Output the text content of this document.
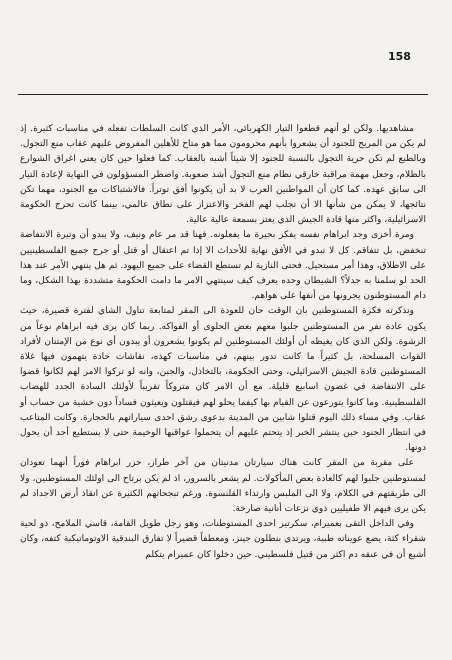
158

مشاهديها. ولكن لو أنهم قطعوا التيار الكهربائي، الأمر الذي كانت السلطات تفعله في مناسبات كثيرة. إذ لم يكن من المريح للجنود أن يشعروا بأنهم محرومون مما هو متاح للأهلين المفروض عليهم عقاب منع التجول. وبالطبع لم تكن حرية التجول بالنسبة للجنود إلا شيئاً أشبه بالعقاب. كما فعلوا حين كان يعني اغراق الشوارع بالظلام، وجعل مهمة مراقبة خارقي نظام منع التجول أشد صعوبة. واضطر المسؤولون في النهاية لإعادة التيار الى سابق عهده. كما كان أن المواطنين العرب لا بد أن يكونوا أفق توتراً. فالاشتباكات مع الجنود، مهما تكن نتائجها، لا يمكن من شأنها الا أن تجلب لهم الفخر والاعتزاز على نطاق عالمي، بينما كانت تحرج الحكومة الاسرائيلية، واكثر منها قادة الجيش الذي يعتز بسمعة عالية عالية.

ومرة أخرى وجد ابراهام نفسه يفكر بحيرة ما يفعلونه. فهنا قد مر عام ونيف، ولا يبدو أن وتيرة الانتفاضة تنخفض، بل تتفاقم. كل لا تبدو في الأفق نهاية للأحداث الا إذا تم اعتقال أو قتل أو جرح جميع الفلسطينيين على الاطلاق، وهذا أمر مستحيل. فحتى النازية لم تستطع القضاء على جميع اليهود. ثم هل ينتهي الأمر عند هذا الحد لو سلمنا به جدلاً؟ الشيطان وحده يعرف كيف سينتهي الامر ما دامت الحكومة متشددة بهذا الشكل، وما دام المستوطنون يجرونها من أنفها على هواهم.

وتذكرته فكرة المستوطنين بان الوقت حان للعودة الى المقر لمتابعة تناول الشاي لفترة قصيرة، حيث يكون عادة نفر من المستوطنين جلبوا معهم بعض الحلوى أو الفواكه. ربما كان يرى فيه ابراهام نوعاً من الرشوة. ولكن الذي كان يغيظه أن أولئك المستوطنين لم يكونوا يشعرون أو يبدون أي نوع من الإمتنان لأفراد القوات المسلحة، بل كثيراً ما كانت تدور بينهم، في مناسبات كهذه، نقاشات حادة يتهمون فيها غلاة المستوطنين قادة الجيش الاسرائيلي، وحتى الحكومة، بالتخاذل، والجبن، وانه لو تركوا الامر لهم لكانوا قضوا على الانتفاضة في غضون اسابيع قليلة. مع أن الامر كان متروكاً تقريباً لأولئك السادة الجدد للهضاب الفلسطينية. وما كانوا يتورعون عن القيام بها كيفما يحلو لهم فيقتلون ويعيثون فساداً دون خشية من حساب أو عقاب. وفي مساء ذلك اليوم قتلوا شابين من المدينة بدعوى رشق احدى سياراتهم بالحجارة. وكانت المتاعب في انتظار الجنود حين ينتشر الخبر إذ يتحتم عليهم أن يتحملوا عواقبها الوخيمة حتى لا يستطيع أحد أن يحول دونها.

على مقربة من المقر كانت هناك سيارتان مدنيتان من آخر طراز، حزر ابراهام فوراً أنهما تعودان لمستوطنين جلبوا لهم كالعادة بعض المأكولات. لم يشعر بالسرور، اذ لم يكن برتاح الى اولئك المستوطنين، ولا الى طريقتهم في الكلام، ولا الى الملبس وارتداء القلنسوة. ورغم تبجحاتهم الكثيرة عن انقاذ أرض الاجداد لم يكن يرى فيهم الا طفيليين ذوي نزعات أنانية صارخة.

وفي الداخل التقى بعميرام، سكرتير احدى المستوطنات، وهو رجل طويل القامة، قاسي الملامح، ذو لحية شقراء كثة، يضع عويناته طبية، ويرتدي بنطلون جينز، ومعطفاً قصيراً لا تفارق البندقية الاوتوماتيكية كتفه، وكان أشيع أن في عنقه دم اكثر من قتيل فلسطيني. حين دخلوا كان عميرام يتكلم
